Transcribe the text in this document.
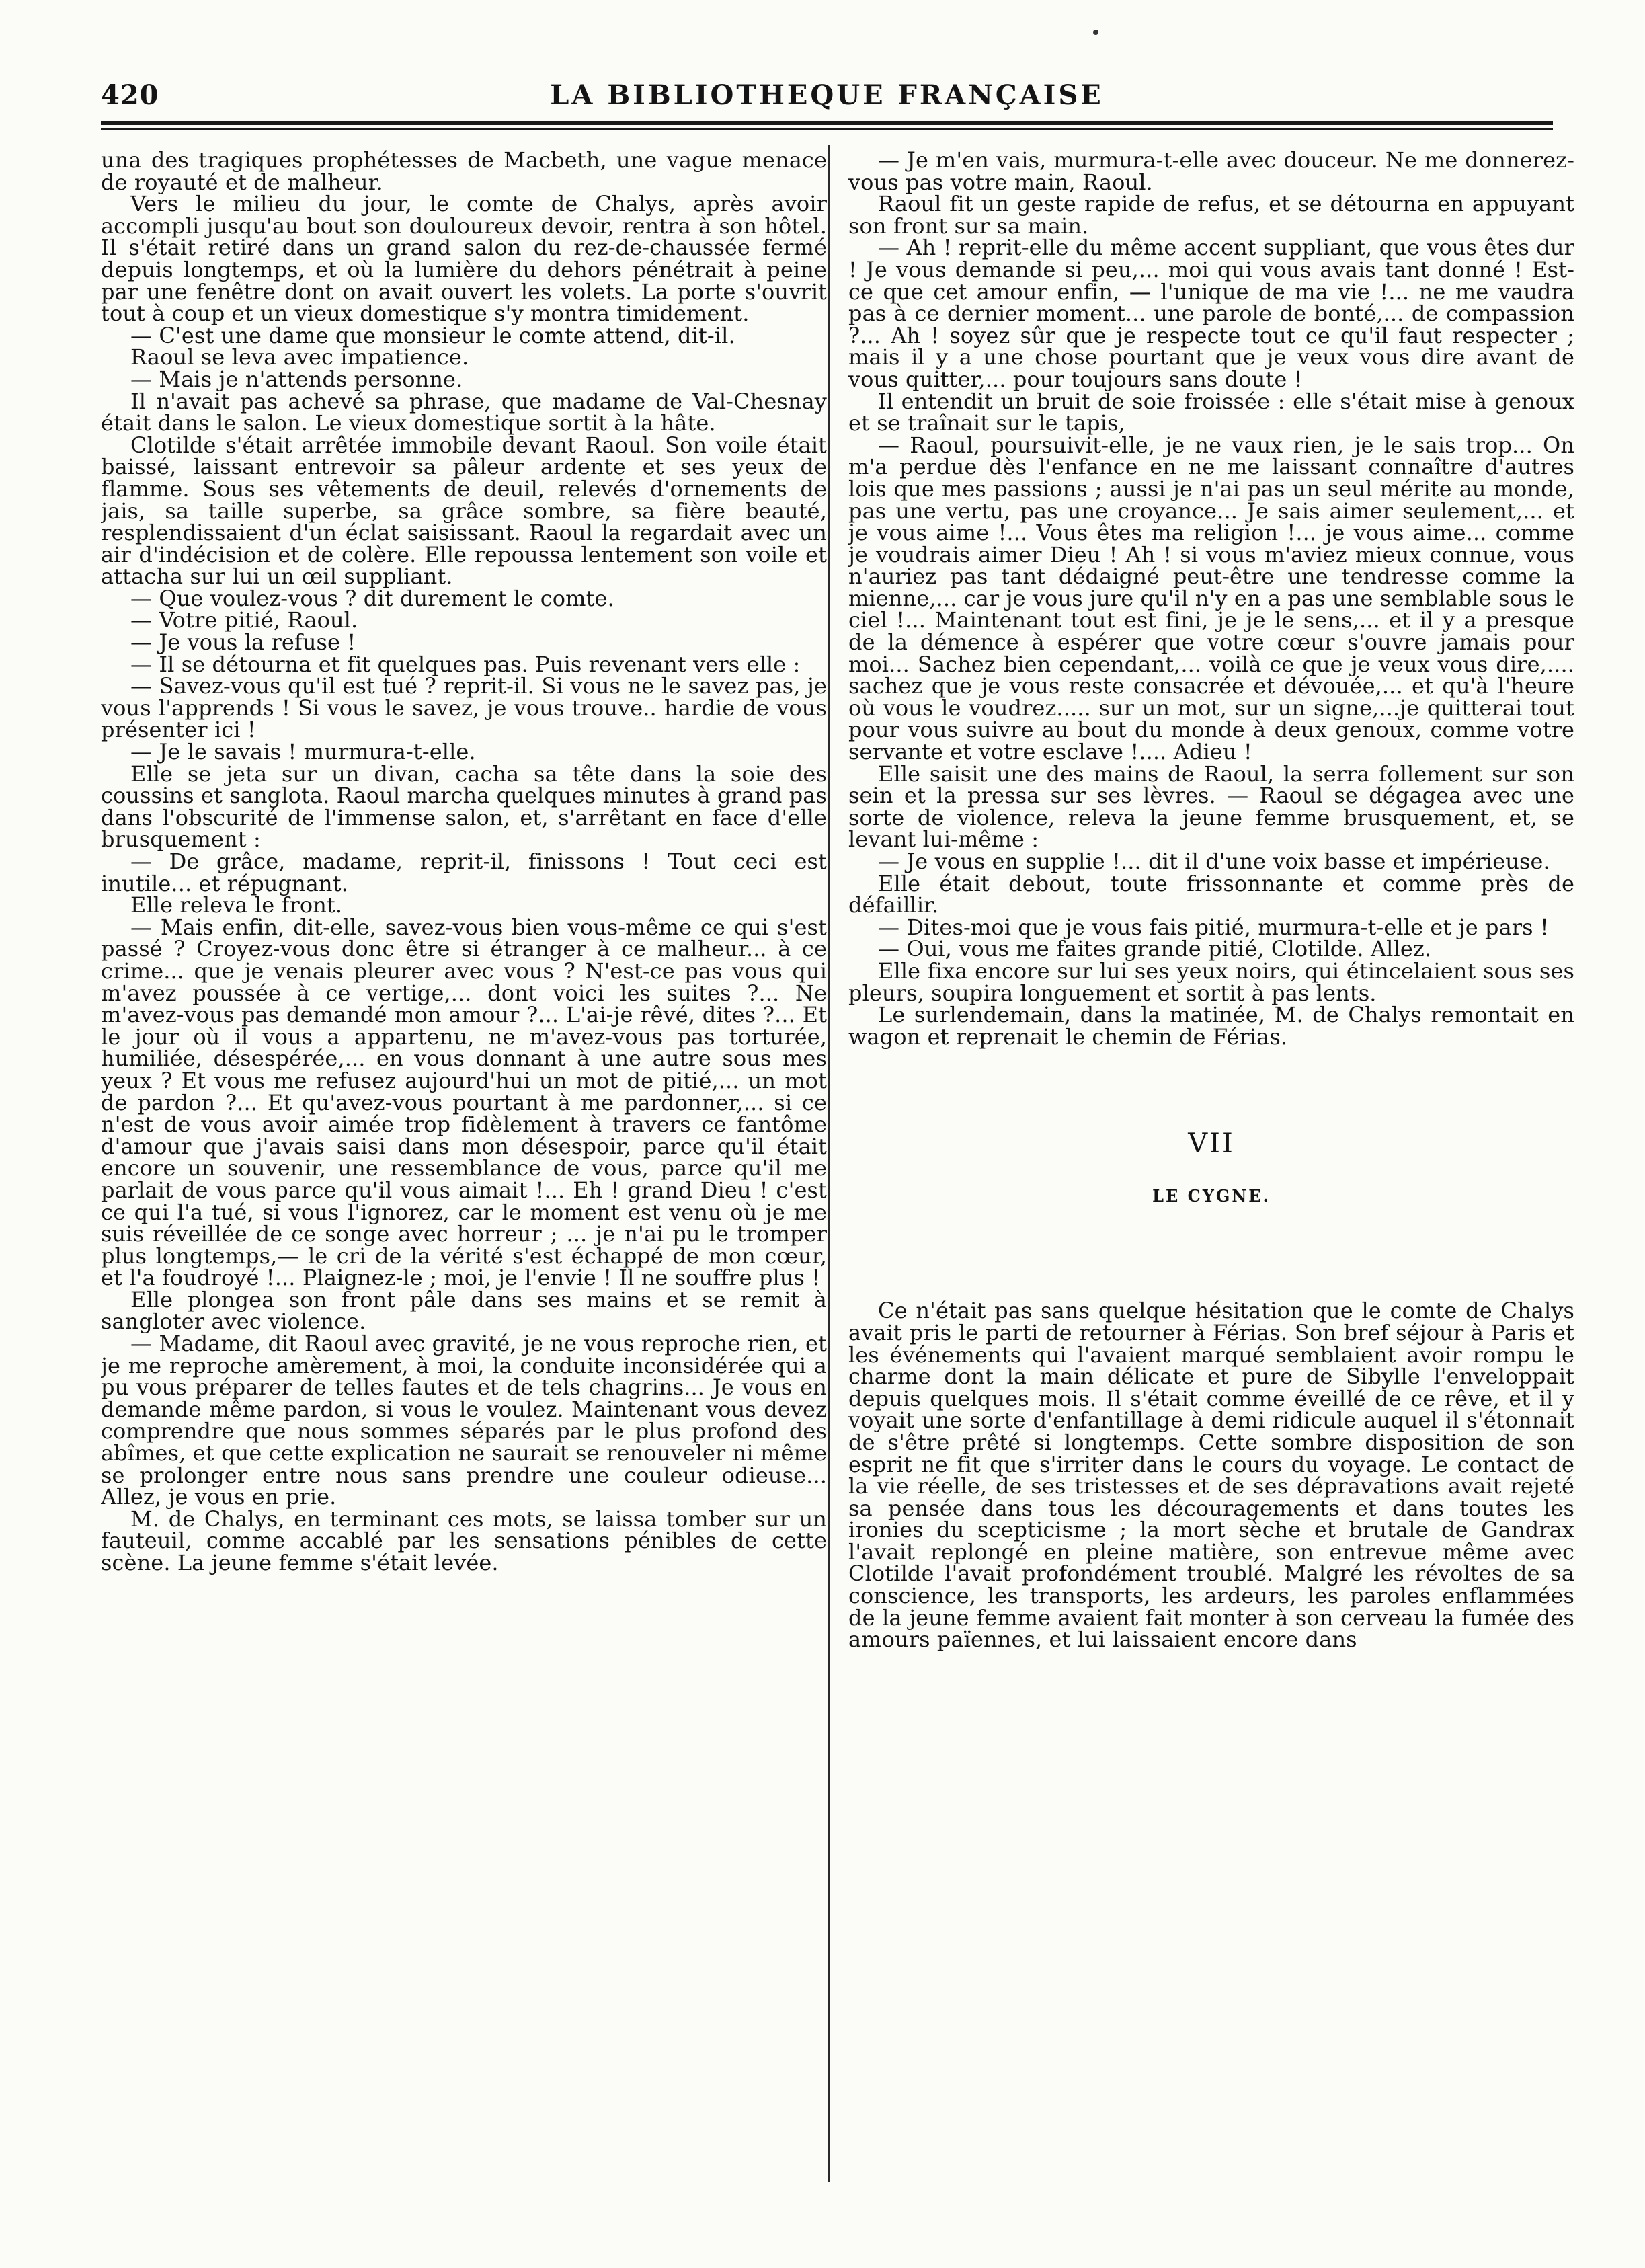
420	LA BIBLIOTHEQUE FRANÇAISE

una des tragiques prophétesses de Macbeth, une vague menace de royauté et de malheur.

Vers le milieu du jour, le comte de Chalys, après avoir accompli jusqu'au bout son douloureux devoir, rentra à son hôtel. Il s'était retiré dans un grand salon du rez-de-chaussée fermé depuis longtemps, et où la lumière du dehors pénétrait à peine par une fenêtre dont on avait ouvert les volets. La porte s'ouvrit tout à coup et un vieux domestique s'y montra timidement.

— C'est une dame que monsieur le comte attend, dit-il.

Raoul se leva avec impatience.

— Mais je n'attends personne.

Il n'avait pas achevé sa phrase, que madame de Val-Chesnay était dans le salon. Le vieux domestique sortit à la hâte.

Clotilde s'était arrêtée immobile devant Raoul. Son voile était baissé, laissant entrevoir sa pâleur ardente et ses yeux de flamme. Sous ses vêtements de deuil, relevés d'ornements de jais, sa taille superbe, sa grâce sombre, sa fière beauté, resplendissaient d'un éclat saisissant. Raoul la regardait avec un air d'indécision et de colère. Elle repoussa lentement son voile et attacha sur lui un œil suppliant.

— Que voulez-vous ? dit durement le comte.

— Votre pitié, Raoul.

— Je vous la refuse !

— Il se détourna et fit quelques pas. Puis revenant vers elle :

— Savez-vous qu'il est tué ? reprit-il. Si vous ne le savez pas, je vous l'apprends ! Si vous le savez, je vous trouve.. hardie de vous présenter ici !

— Je le savais ! murmura-t-elle.

Elle se jeta sur un divan, cacha sa tête dans la soie des coussins et sanglota. Raoul marcha quelques minutes à grand pas dans l'obscurité de l'immense salon, et, s'arrêtant en face d'elle brusquement :

— De grâce, madame, reprit-il, finissons ! Tout ceci est inutile... et répugnant.

Elle releva le front.

— Mais enfin, dit-elle, savez-vous bien vous-même ce qui s'est passé ? Croyez-vous donc être si étranger à ce malheur... à ce crime... que je venais pleurer avec vous ? N'est-ce pas vous qui m'avez poussée à ce vertige,... dont voici les suites ?... Ne m'avez-vous pas demandé mon amour ?... L'ai-je rêvé, dites ?... Et le jour où il vous a appartenu, ne m'avez-vous pas torturée, humiliée, désespérée,... en vous donnant à une autre sous mes yeux ? Et vous me refusez aujourd'hui un mot de pitié,... un mot de pardon ?... Et qu'avez-vous pourtant à me pardonner,... si ce n'est de vous avoir aimée trop fidèlement à travers ce fantôme d'amour que j'avais saisi dans mon désespoir, parce qu'il était encore un souvenir, une ressemblance de vous, parce qu'il me parlait de vous parce qu'il vous aimait !... Eh ! grand Dieu ! c'est ce qui l'a tué, si vous l'ignorez, car le moment est venu où je me suis réveillée de ce songe avec horreur ; ... je n'ai pu le tromper plus longtemps,— le cri de la vérité s'est échappé de mon cœur, et l'a foudroyé !... Plaignez-le ; moi, je l'envie ! Il ne souffre plus !

Elle plongea son front pâle dans ses mains et se remit à sangloter avec violence.

— Madame, dit Raoul avec gravité, je ne vous reproche rien, et je me reproche amèrement, à moi, la conduite inconsidérée qui a pu vous préparer de telles fautes et de tels chagrins... Je vous en demande même pardon, si vous le voulez. Maintenant vous devez comprendre que nous sommes séparés par le plus profond des abîmes, et que cette explication ne saurait se renouveler ni même se prolonger entre nous sans prendre une couleur odieuse... Allez, je vous en prie.

M. de Chalys, en terminant ces mots, se laissa tomber sur un fauteuil, comme accablé par les sensations pénibles de cette scène. La jeune femme s'était levée.

— Je m'en vais, murmura-t-elle avec douceur. Ne me donnerez-vous pas votre main, Raoul.

Raoul fit un geste rapide de refus, et se détourna en appuyant son front sur sa main.

— Ah ! reprit-elle du même accent suppliant, que vous êtes dur ! Je vous demande si peu,... moi qui vous avais tant donné ! Est-ce que cet amour enfin, — l'unique de ma vie !... ne me vaudra pas à ce dernier moment... une parole de bonté,... de compassion ?... Ah ! soyez sûr que je respecte tout ce qu'il faut respecter ; mais il y a une chose pourtant que je veux vous dire avant de vous quitter,... pour toujours sans doute !

Il entendit un bruit de soie froissée : elle s'était mise à genoux et se traînait sur le tapis,

— Raoul, poursuivit-elle, je ne vaux rien, je le sais trop... On m'a perdue dès l'enfance en ne me laissant connaître d'autres lois que mes passions ; aussi je n'ai pas un seul mérite au monde, pas une vertu, pas une croyance... Je sais aimer seulement,... et je vous aime !... Vous êtes ma religion !... je vous aime... comme je voudrais aimer Dieu ! Ah ! si vous m'aviez mieux connue, vous n'auriez pas tant dédaigné peut-être une tendresse comme la mienne,... car je vous jure qu'il n'y en a pas une semblable sous le ciel !... Maintenant tout est fini, je je le sens,... et il y a presque de la démence à espérer que votre cœur s'ouvre jamais pour moi... Sachez bien cependant,... voilà ce que je veux vous dire,.... sachez que je vous reste consacrée et dévouée,... et qu'à l'heure où vous le voudrez..... sur un mot, sur un signe,...je quitterai tout pour vous suivre au bout du monde à deux genoux, comme votre servante et votre esclave !.... Adieu !

Elle saisit une des mains de Raoul, la serra follement sur son sein et la pressa sur ses lèvres. — Raoul se dégagea avec une sorte de violence, releva la jeune femme brusquement, et, se levant lui-même :

— Je vous en supplie !... dit il d'une voix basse et impérieuse.

Elle était debout, toute frissonnante et comme près de défaillir.

— Dites-moi que je vous fais pitié, murmura-t-elle et je pars !

— Oui, vous me faites grande pitié, Clotilde. Allez.

Elle fixa encore sur lui ses yeux noirs, qui étincelaient sous ses pleurs, soupira longuement et sortit à pas lents.

Le surlendemain, dans la matinée, M. de Chalys remontait en wagon et reprenait le chemin de Férias.

VII
LE CYGNE.

Ce n'était pas sans quelque hésitation que le comte de Chalys avait pris le parti de retourner à Férias. Son bref séjour à Paris et les événements qui l'avaient marqué semblaient avoir rompu le charme dont la main délicate et pure de Sibylle l'enveloppait depuis quelques mois. Il s'était comme éveillé de ce rêve, et il y voyait une sorte d'enfantillage à demi ridicule auquel il s'étonnait de s'être prêté si longtemps. Cette sombre disposition de son esprit ne fit que s'irriter dans le cours du voyage. Le contact de la vie réelle, de ses tristesses et de ses dépravations avait rejeté sa pensée dans tous les découragements et dans toutes les ironies du scepticisme ; la mort sèche et brutale de Gandrax l'avait replongé en pleine matière, son entrevue même avec Clotilde l'avait profondément troublé. Malgré les révoltes de sa conscience, les transports, les ardeurs, les paroles enflammées de la jeune femme avaient fait monter à son cerveau la fumée des amours païennes, et lui laissaient encore dans
